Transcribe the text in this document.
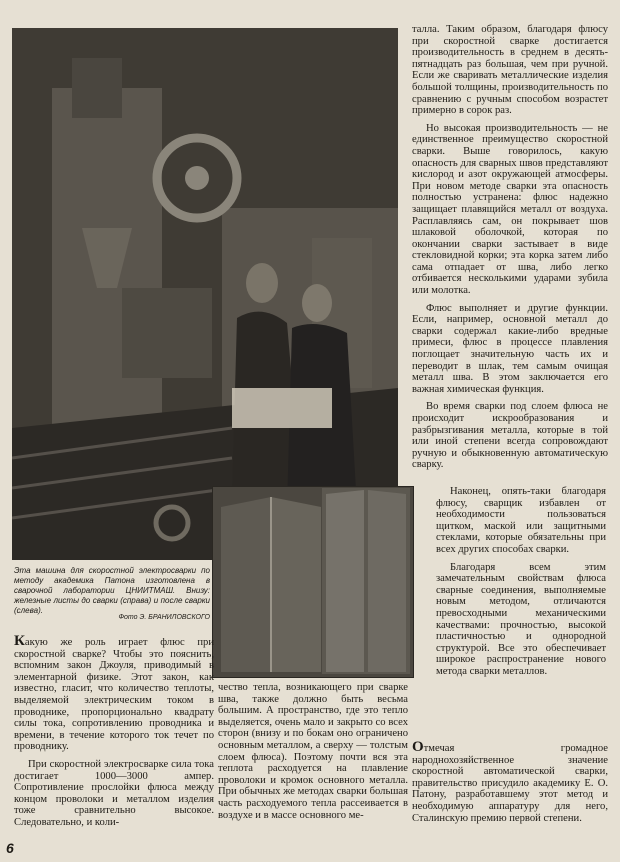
Эта машина для скоростной электросварки по методу академика Патона изготовлена в сварочной лаборатории ЦНИИТМАШ. Внизу: железные листы до сварки (справа) и после сварки (слева).
Фото Э. БРАНИЛОВСКОГО

талла. Таким образом, благодаря флюсу при скоростной сварке достигается производительность в среднем в десять-пятнадцать раз большая, чем при ручной. Если же сваривать металлические изделия большой толщины, производительность по сравнению с ручным способом возрастет примерно в сорок раз.

Но высокая производительность — не единственное преимущество скоростной сварки. Выше говорилось, какую опасность для сварных швов представляют кислород и азот окружающей атмосферы. При новом методе сварки эта опасность полностью устранена: флюс надежно защищает плавящийся металл от воздуха. Расплавляясь сам, он покрывает шов шлаковой оболочкой, которая по окончании сварки застывает в виде стекловидной корки; эта корка затем либо сама отпадает от шва, либо легко отбивается несколькими ударами зубила или молотка.

Флюс выполняет и другие функции. Если, например, основной металл до сварки содержал какие-либо вредные примеси, флюс в процессе плавления поглощает значительную часть их и переводит в шлак, тем самым очищая металл шва. В этом заключается его важная химическая функция.

Во время сварки под слоем флюса не происходит искрообразования и разбрызгивания металла, которые в той или иной степени всегда сопровождают ручную и обыкновенную автоматическую сварку.

Наконец, опять-таки благодаря флюсу, сварщик избавлен от необходимости пользоваться щитком, маской или защитными стеклами, которые обязательны при всех других способах сварки.

Благодаря всем этим замечательным свойствам флюса сварные соединения, выполняемые новым методом, отличаются превосходными механическими качествами: прочностью, высокой пластичностью и однородной структурой. Все это обеспечивает широкое распространение нового метода сварки металлов.

Какую же роль играет флюс при скоростной сварке? Чтобы это пояснить, вспомним закон Джоуля, приводимый в элементарной физике. Этот закон, как известно, гласит, что количество теплоты, выделяемой электрическим током в проводнике, пропорционально квадрату силы тока, сопротивлению проводника и времени, в течение которого ток течет по проводнику.

При скоростной электросварке сила тока достигает 1000—3000 ампер. Сопротивление прослойки флюса между концом проволоки и металлом изделия тоже сравнительно высокое. Следовательно, и коли-

чество тепла, возникающего при сварке шва, также должно быть весьма большим. А пространство, где это тепло выделяется, очень мало и закрыто со всех сторон (внизу и по бокам оно ограничено основным металлом, а сверху — толстым слоем флюса). Поэтому почти вся эта теплота расходуется на плавление проволоки и кромок основного металла. При обычных же методах сварки большая часть расходуемого тепла рассеивается в воздухе и в массе основного ме-

Отмечая громадное народнохозяйственное значение скоростной автоматической сварки, правительство присудило академику Е. О. Патону, разработавшему этот метод и необходимую аппаратуру для него, Сталинскую премию первой степени.

6
